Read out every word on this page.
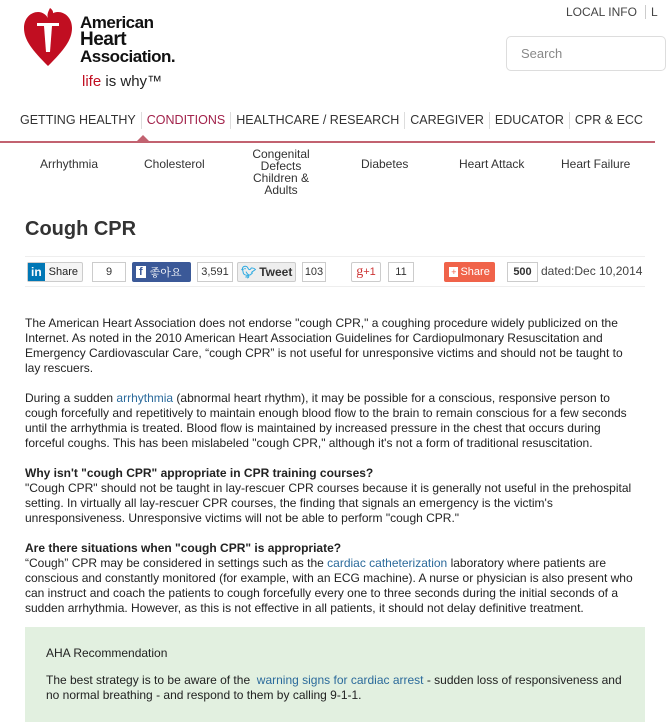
American
Heart
Association.
life is why™
LOCAL INFO	L
Search
GETTING HEALTHY CONDITIONS HEALTHCARE / RESEARCH CAREGIVER EDUCATOR CPR & ECC
Arrhythmia	Cholesterol
Congenital Defects Children & Adults
Diabetes	Heart Attack	Heart Failure
Cough CPR
in Share	9	f 좋아요	3,591	🐦︎ Tweet 103 g +1	11	+ Share	500 dated:Dec 10,2014

The American Heart Association does not endorse "cough CPR," a coughing procedure widely publicized on the Internet. As noted in the 2010 American Heart Association Guidelines for Cardiopulmonary Resuscitation and Emergency Cardiovascular Care, “cough CPR” is not useful for unresponsive victims and should not be taught to lay rescuers.

During a sudden arrhythmia (abnormal heart rhythm), it may be possible for a conscious, responsive person to cough forcefully and repetitively to maintain enough blood flow to the brain to remain conscious for a few seconds until the arrhythmia is treated. Blood flow is maintained by increased pressure in the chest that occurs during forceful coughs. This has been mislabeled "cough CPR," although it's not a form of traditional resuscitation.

Why isn't "cough CPR" appropriate in CPR training courses?

"Cough CPR" should not be taught in lay-rescuer CPR courses because it is generally not useful in the prehospital setting. In virtually all lay-rescuer CPR courses, the finding that signals an emergency is the victim's unresponsiveness. Unresponsive victims will not be able to perform "cough CPR."

Are there situations when "cough CPR" is appropriate?

“Cough” CPR may be considered in settings such as the cardiac catheterization laboratory where patients are conscious and constantly monitored (for example, with an ECG machine). A nurse or physician is also present who can instruct and coach the patients to cough forcefully every one to three seconds during the initial seconds of a sudden arrhythmia. However, as this is not effective in all patients, it should not delay definitive treatment.

AHA Recommendation

The best strategy is to be aware of the  warning signs for cardiac arrest - sudden loss of responsiveness and no normal breathing - and respond to them by calling 9-1-1.
